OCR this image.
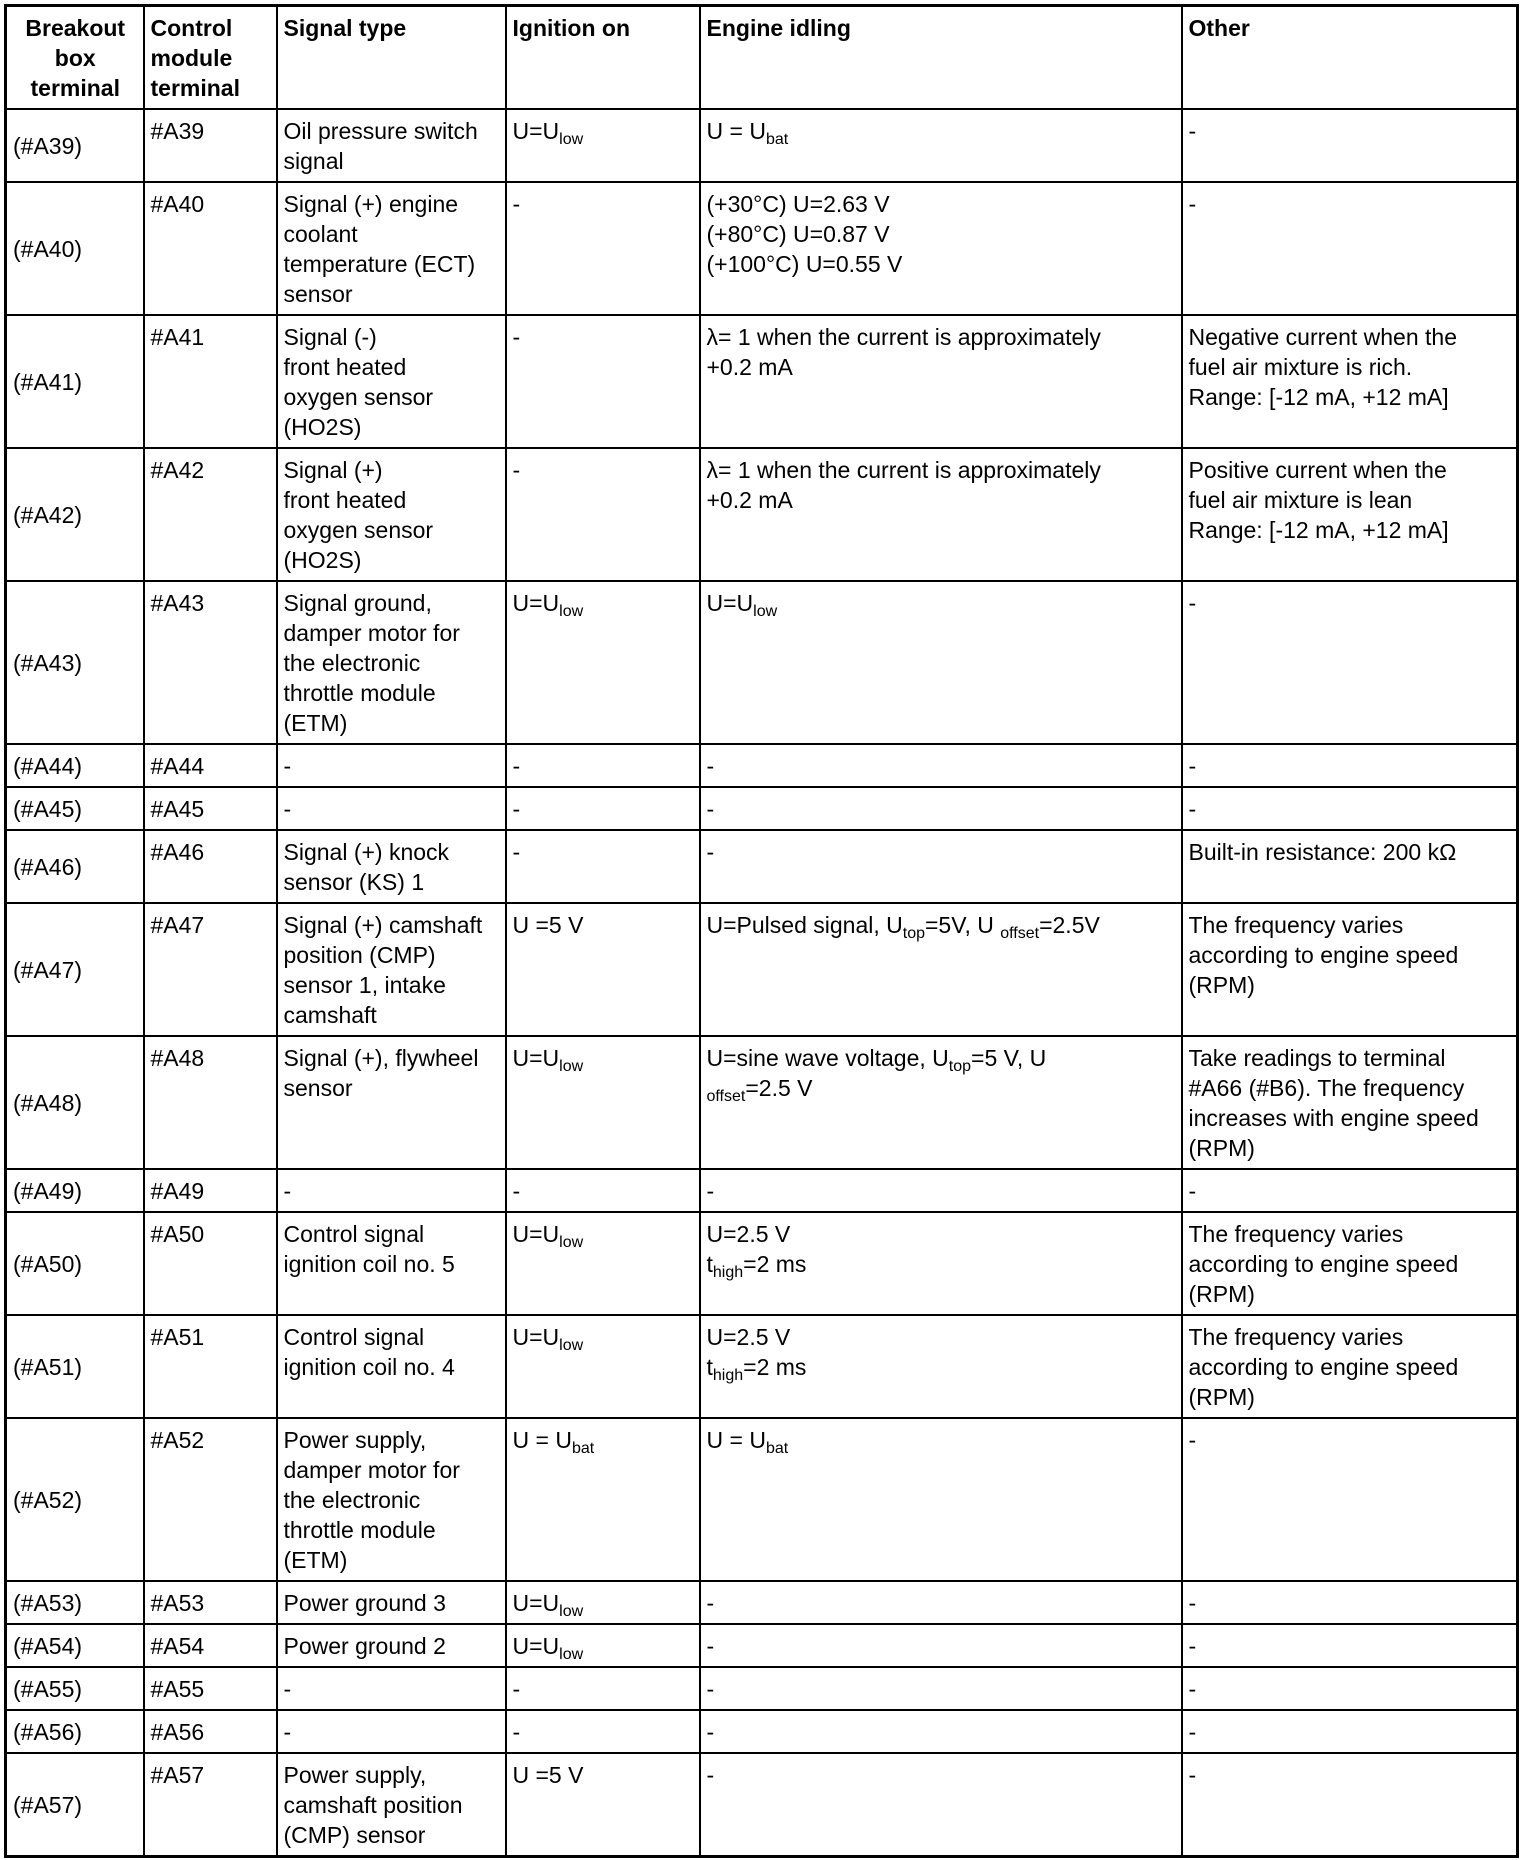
Breakout
box
terminal	Control
module
terminal	Signal type	Ignition on	Engine idling	Other

(#A39)	#A39	Oil pressure switch
signal	$U=U_{low}$	$U = U_{bat}$	-

(#A40)	#A40	Signal (+) engine
coolant
temperature (ECT)
sensor	-	(+30°C) U=2.63 V
(+80°C) U=0.87 V
(+100°C) U=0.55 V	-

(#A41)	#A41	Signal (-)
front heated
oxygen sensor
(HO2S)	-	λ= 1 when the current is approximately
+0.2 mA	Negative current when the
fuel air mixture is rich.
Range: [-12 mA, +12 mA]

(#A42)	#A42	Signal (+)
front heated
oxygen sensor
(HO2S)	-	λ= 1 when the current is approximately
+0.2 mA	Positive current when the
fuel air mixture is lean
Range: [-12 mA, +12 mA]

(#A43)	#A43	Signal ground,
damper motor for
the electronic
throttle module
(ETM)	$U=U_{low}$	$U=U_{low}$	-

(#A44)	#A44	-	-	-	-

(#A45)	#A45	-	-	-	-

(#A46)	#A46	Signal (+) knock
sensor (KS) 1	-	-	Built-in resistance: 200 kΩ

(#A47)	#A47	Signal (+) camshaft
position (CMP)
sensor 1, intake
camshaft	U =5 V	U=Pulsed signal, $U_{top}=5V$, U $_{offset}$=2.5V	The frequency varies
according to engine speed
(RPM)

(#A48)	#A48	Signal (+), flywheel
sensor	$U=U_{low}$	U=sine wave voltage, $U_{top}=5$ V, U
$_{offset}$=2.5 V	Take readings to terminal
#A66 (#B6). The frequency
increases with engine speed
(RPM)

(#A49)	#A49	-	-	-	-

(#A50)	#A50	Control signal
ignition coil no. 5	$U=U_{low}$	U=2.5 V
$t_{high}=2$ ms	The frequency varies
according to engine speed
(RPM)

(#A51)	#A51	Control signal
ignition coil no. 4	$U=U_{low}$	U=2.5 V
$t_{high}=2$ ms	The frequency varies
according to engine speed
(RPM)

(#A52)	#A52	Power supply,
damper motor for
the electronic
throttle module
(ETM)	$U = U_{bat}$	$U = U_{bat}$	-

(#A53)	#A53	Power ground 3	$U=U_{low}$	-	-

(#A54)	#A54	Power ground 2	$U=U_{low}$	-	-

(#A55)	#A55	-	-	-	-

(#A56)	#A56	-	-	-	-

(#A57)	#A57	Power supply,
camshaft position
(CMP) sensor	U =5 V	-	-
